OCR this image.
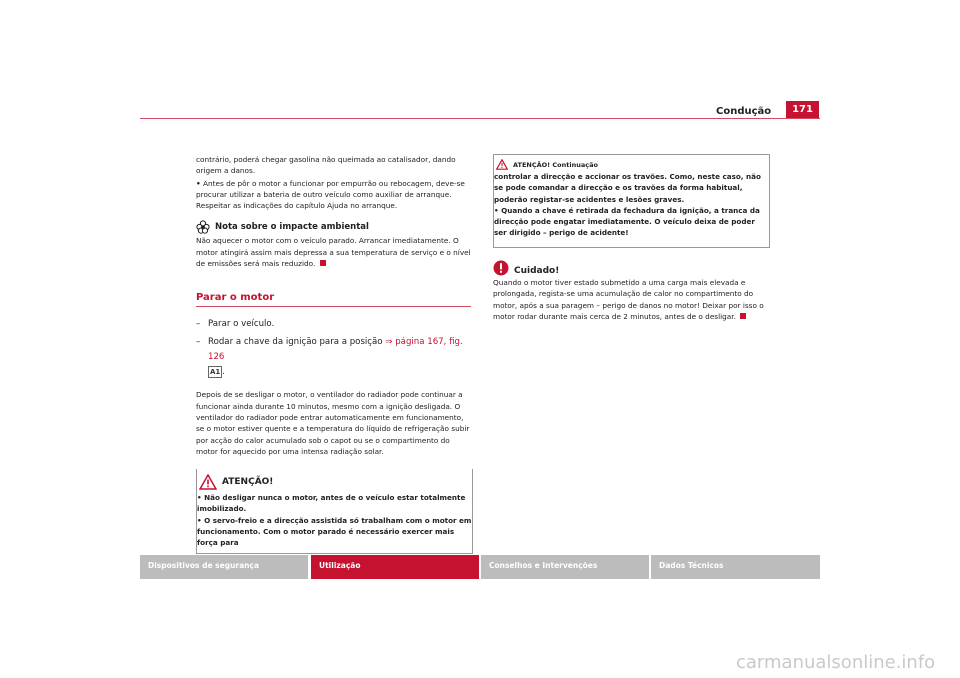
Condução	171
contrário, poderá chegar gasolina não queimada ao catalisador, dando origem a danos.
• Antes de pôr o motor a funcionar por empurrão ou rebocagem, deve-se procurar utilizar a bateria de outro veículo como auxiliar de arranque. Respeitar as indicações do capítulo Ajuda no arranque.
Nota sobre o impacte ambiental
Não aquecer o motor com o veículo parado. Arrancar imediatamente. O motor atingirá assim mais depressa a sua temperatura de serviço e o nível de emissões será mais reduzido.
Parar o motor
– Parar o veículo.
– Rodar a chave da ignição para a posição ⇒ página 167, fig. 126
A1 .
Depois de se desligar o motor, o ventilador do radiador pode continuar a funcionar ainda durante 10 minutos, mesmo com a ignição desligada. O ventilador do radiador pode entrar automaticamente em funcionamento, se o motor estiver quente e a temperatura do líquido de refrigeração subir por acção do calor acumulado sob o capot ou se o compartimento do motor for aquecido por uma intensa radiação solar.
ATENÇÃO!
• Não desligar nunca o motor, antes de o veículo estar totalmente imobilizado.
• O servo-freio e a direcção assistida só trabalham com o motor em funcionamento. Com o motor parado é necessário exercer mais força para
ATENÇÃO! Continuação
controlar a direcção e accionar os travões. Como, neste caso, não se pode comandar a direcção e os travões da forma habitual, poderão registar-se acidentes e lesões graves.
• Quando a chave é retirada da fechadura da ignição, a tranca da direcção pode engatar imediatamente. O veículo deixa de poder ser dirigido – perigo de acidente!
Cuidado!
Quando o motor tiver estado submetido a uma carga mais elevada e prolongada, regista-se uma acumulação de calor no compartimento do motor, após a sua paragem – perigo de danos no motor! Deixar por isso o motor rodar durante mais cerca de 2 minutos, antes de o desligar.
Dispositivos de segurança	Utilização	Conselhos e Intervenções	Dados Técnicos
carmanualsonline.info
